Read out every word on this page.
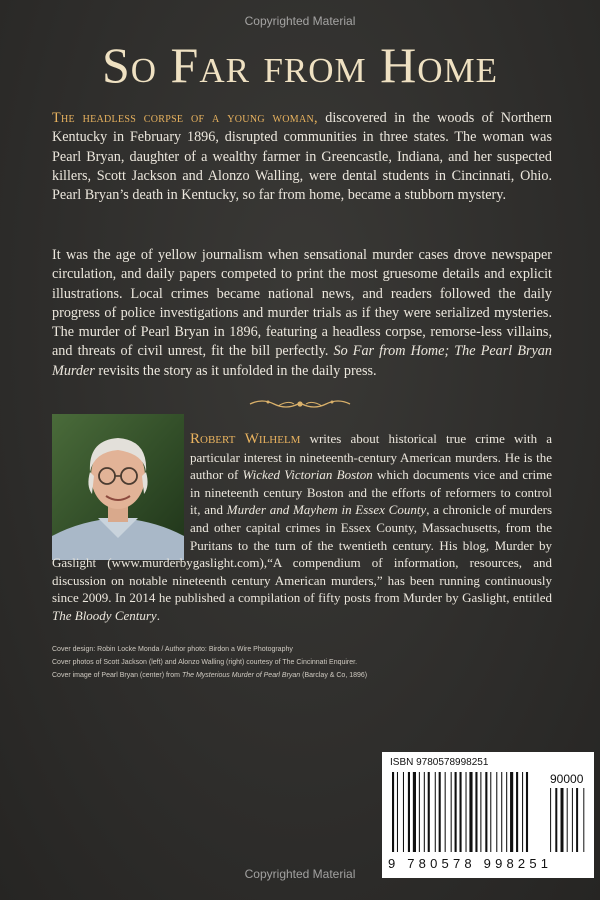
Copyrighted Material
So Far from Home
The headless corpse of a young woman, discovered in the woods of Northern Kentucky in February 1896, disrupted communities in three states. The woman was Pearl Bryan, daughter of a wealthy farmer in Greencastle, Indiana, and her suspected killers, Scott Jackson and Alonzo Walling, were dental students in Cincinnati, Ohio. Pearl Bryan’s death in Kentucky, so far from home, became a stubborn mystery.
It was the age of yellow journalism when sensational murder cases drove newspaper circulation, and daily papers competed to print the most gruesome details and explicit illustrations. Local crimes became national news, and readers followed the daily progress of police investigations and murder trials as if they were serialized mysteries. The murder of Pearl Bryan in 1896, featuring a headless corpse, remorse-less villains, and threats of civil unrest, fit the bill perfectly. So Far from Home; The Pearl Bryan Murder revisits the story as it unfolded in the daily press.
Robert Wilhelm writes about historical true crime with a particular interest in nineteenth-century American murders. He is the author of Wicked Victorian Boston which documents vice and crime in nineteenth century Boston and the efforts of reformers to control it, and Murder and Mayhem in Essex County, a chronicle of murders and other capital crimes in Essex County, Massachusetts, from the Puritans to the turn of the twentieth century. His blog, Murder by Gaslight (www.murderbygaslight.com),“A compendium of information, resources, and discussion on notable nineteenth century American murders,” has been running continuously since 2009. In 2014 he published a compilation of fifty posts from Murder by Gaslight, entitled The Bloody Century.
Cover design: Robin Locke Monda / Author photo: Birdon a Wire Photography
Cover photos of Scott Jackson (left) and Alonzo Walling (right) courtesy of The Cincinnati Enquirer.
Cover image of Pearl Bryan (center) from The Mysterious Murder of Pearl Bryan (Barclay & Co, 1896)
ISBN 9780578998251
90000
9 780578 998251
Copyrighted Material
